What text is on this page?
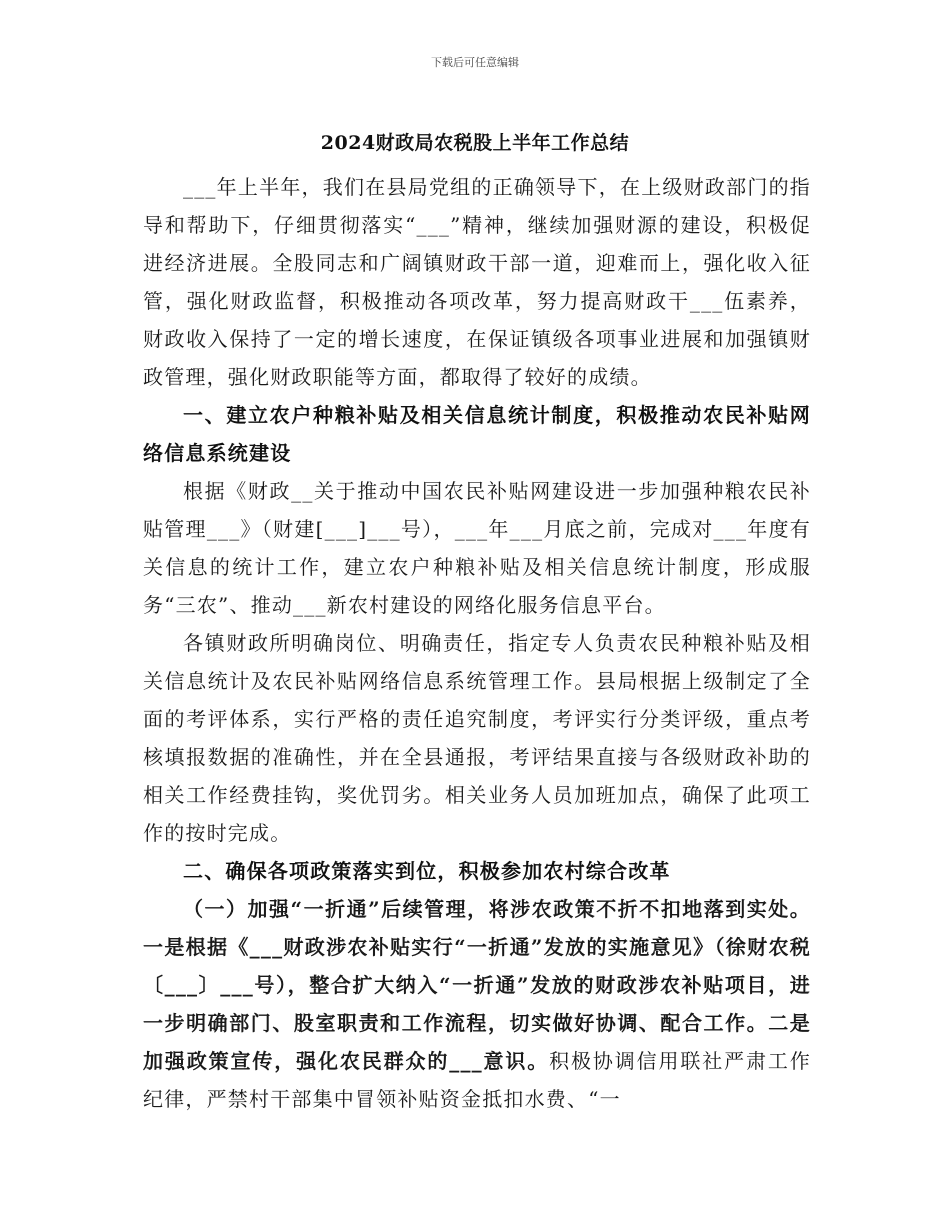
下载后可任意编辑
2024财政局农税股上半年工作总结

___年上半年，我们在县局党组的正确领导下，在上级财政部门的指导和帮助下，仔细贯彻落实“___”精神，继续加强财源的建设，积极促进经济进展。全股同志和广阔镇财政干部一道，迎难而上，强化收入征管，强化财政监督，积极推动各项改革，努力提高财政干___伍素养，财政收入保持了一定的增长速度，在保证镇级各项事业进展和加强镇财政管理，强化财政职能等方面，都取得了较好的成绩。

一、建立农户种粮补贴及相关信息统计制度，积极推动农民补贴网络信息系统建设

根据《财政__关于推动中国农民补贴网建设进一步加强种粮农民补贴管理___》（财建[___]___号），___年___月底之前，完成对___年度有关信息的统计工作，建立农户种粮补贴及相关信息统计制度，形成服务“三农”、推动___新农村建设的网络化服务信息平台。

各镇财政所明确岗位、明确责任，指定专人负责农民种粮补贴及相关信息统计及农民补贴网络信息系统管理工作。县局根据上级制定了全面的考评体系，实行严格的责任追究制度，考评实行分类评级，重点考核填报数据的准确性，并在全县通报，考评结果直接与各级财政补助的相关工作经费挂钩，奖优罚劣。相关业务人员加班加点，确保了此项工作的按时完成。

二、确保各项政策落实到位，积极参加农村综合改革

（一）加强“一折通”后续管理，将涉农政策不折不扣地落到实处。一是根据《___财政涉农补贴实行“一折通”发放的实施意见》（徐财农税〔___〕___号），整合扩大纳入“一折通”发放的财政涉农补贴项目，进一步明确部门、股室职责和工作流程，切实做好协调、配合工作。二是加强政策宣传，强化农民群众的___意识。积极协调信用联社严肃工作纪律，严禁村干部集中冒领补贴资金抵扣水费、“一
